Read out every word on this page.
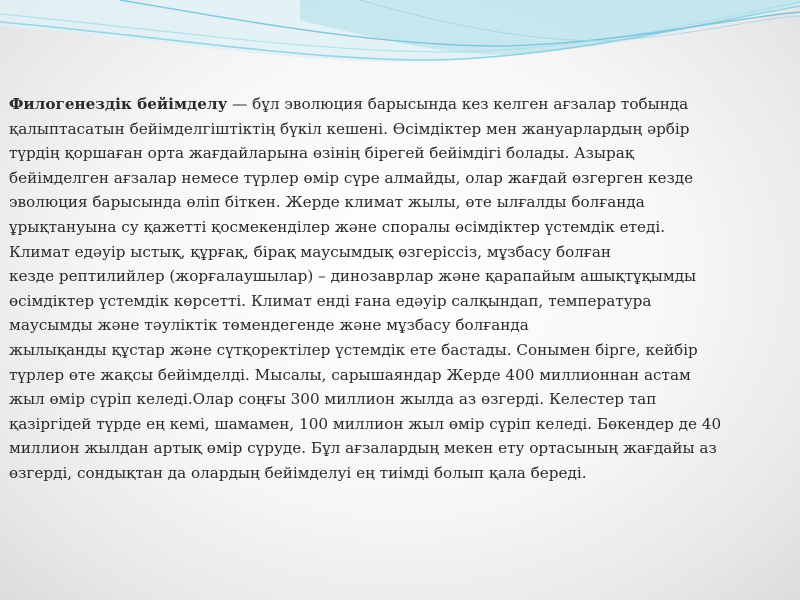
Филогенездік бейімделу — бұл эволюция барысында кез келген ағзалар тобында
қалыптасатын бейімделгіштіктің бүкіл кешені. Өсімдіктер мен жануарлардың әрбір
түрдің қоршаған орта жағдайларына өзінің бірегей бейімдігі болады. Азырақ
бейімделген ағзалар немесе түрлер өмір сүре алмайды, олар жағдай өзгерген кезде
эволюция барысында өліп біткен. Жерде климат жылы, өте ылғалды болғанда
ұрықтануына су қажетті қосмекенділер және споралы өсімдіктер үстемдік етеді.
Климат едәуір ыстық, құрғақ, бірақ маусымдық өзгеріссіз, мұзбасу болған
кезде рептилийлер (жорғалаушылар) – динозаврлар және қарапайым ашықтұқымды
өсімдіктер үстемдік көрсетті. Климат енді ғана едәуір салқындап, температура
маусымды және тәуліктік төмендегенде және мұзбасу болғанда
жылықанды құстар және сүтқоректілер үстемдік ете бастады. Сонымен бірге, кейбір
түрлер өте жақсы бейімделді. Мысалы, сарышаяндар Жерде 400 миллионнан астам
жыл өмір сүріп келеді.Олар соңғы 300 миллион жылда аз өзгерді. Келестер тап
қазіргідей түрде ең кемі, шамамен, 100 миллион жыл өмір сүріп келеді. Бөкендер де 40
миллион жылдан артық өмір сүруде. Бұл ағзалардың мекен ету ортасының жағдайы аз
өзгерді, сондықтан да олардың бейімделуі ең тиімді болып қала береді.
